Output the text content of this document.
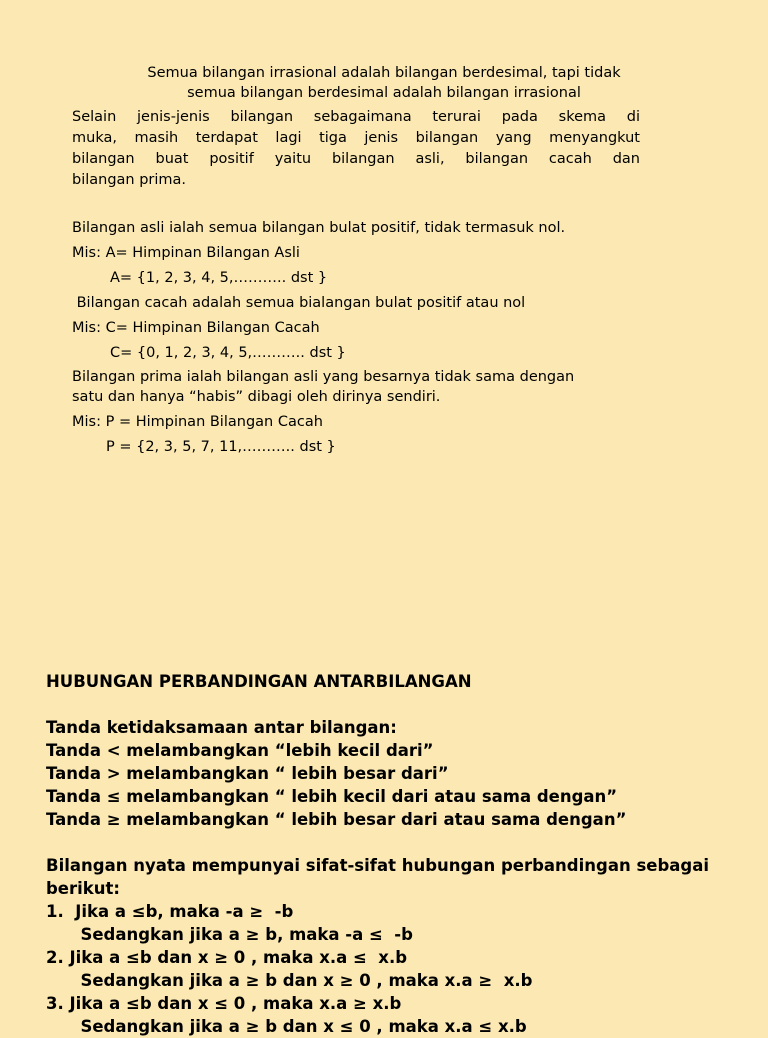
Semua bilangan irrasional adalah bilangan berdesimal, tapi tidak
semua bilangan berdesimal adalah bilangan irrasional
Selain jenis-jenis bilangan sebagaimana terurai pada skema di
muka, masih terdapat lagi tiga jenis bilangan yang menyangkut
bilangan buat positif yaitu bilangan asli, bilangan cacah dan
bilangan prima.
Bilangan asli ialah semua bilangan bulat positif, tidak termasuk nol.
Mis: A= Himpinan Bilangan Asli
A= {1, 2, 3, 4, 5,……….. dst }
Bilangan cacah adalah semua bialangan bulat positif atau nol
Mis: C= Himpinan Bilangan Cacah
C= {0, 1, 2, 3, 4, 5,……….. dst }
Bilangan prima ialah bilangan asli yang besarnya tidak sama dengan
satu dan hanya “habis” dibagi oleh dirinya sendiri.
Mis: P = Himpinan Bilangan Cacah
P = {2, 3, 5, 7, 11,……….. dst }
HUBUNGAN PERBANDINGAN ANTARBILANGAN
Tanda ketidaksamaan antar bilangan:
Tanda < melambangkan “lebih kecil dari”
Tanda > melambangkan “ lebih besar dari”
Tanda ≤ melambangkan “ lebih kecil dari atau sama dengan”
Tanda ≥ melambangkan “ lebih besar dari atau sama dengan”
Bilangan nyata mempunyai sifat-sifat hubungan perbandingan sebagai
berikut:
1.  Jika a ≤b, maka -a ≥  -b
Sedangkan jika a ≥ b, maka -a ≤  -b
2. Jika a ≤b dan x ≥ 0 , maka x.a ≤  x.b
Sedangkan jika a ≥ b dan x ≥ 0 , maka x.a ≥  x.b
3. Jika a ≤b dan x ≤ 0 , maka x.a ≥ x.b
Sedangkan jika a ≥ b dan x ≤ 0 , maka x.a ≤ x.b
